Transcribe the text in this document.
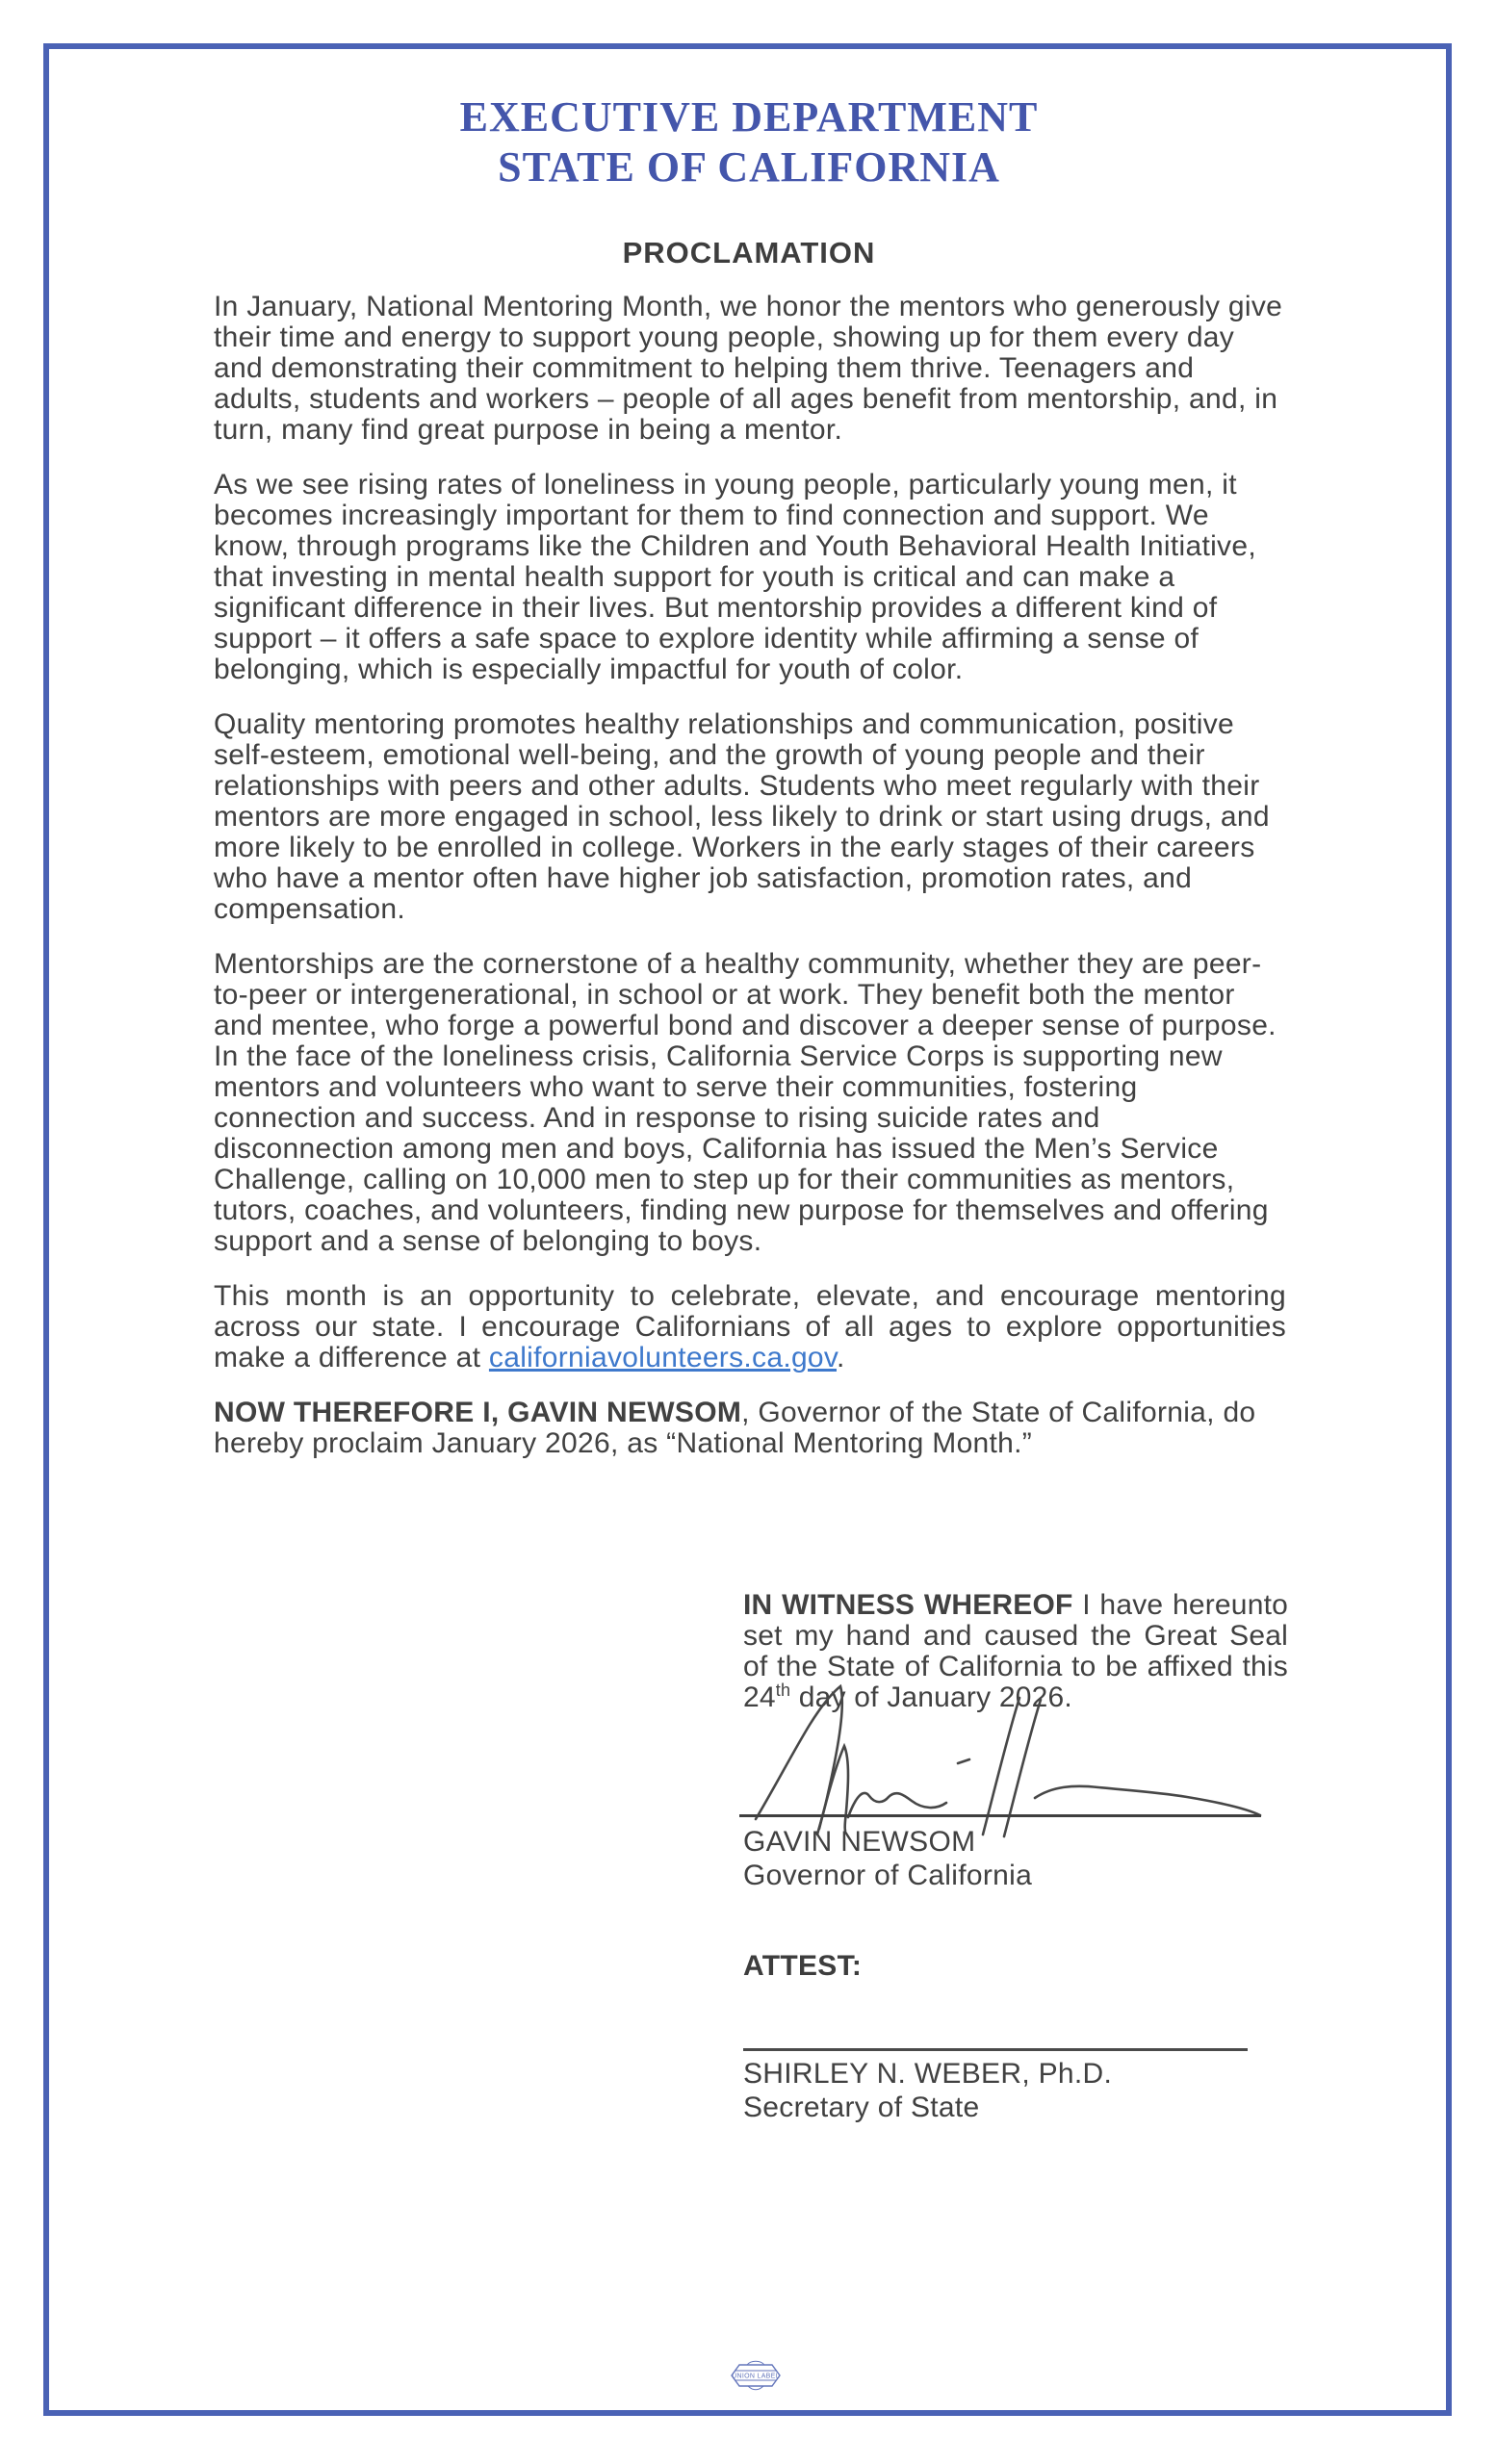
EXECUTIVE DEPARTMENT
STATE OF CALIFORNIA
PROCLAMATION

In January, National Mentoring Month, we honor the mentors who generously give their time and energy to support young people, showing up for them every day and demonstrating their commitment to helping them thrive. Teenagers and adults, students and workers – people of all ages benefit from mentorship, and, in turn, many find great purpose in being a mentor.

As we see rising rates of loneliness in young people, particularly young men, it becomes increasingly important for them to find connection and support. We know, through programs like the Children and Youth Behavioral Health Initiative, that investing in mental health support for youth is critical and can make a significant difference in their lives. But mentorship provides a different kind of support – it offers a safe space to explore identity while affirming a sense of belonging, which is especially impactful for youth of color.

Quality mentoring promotes healthy relationships and communication, positive self-esteem, emotional well-being, and the growth of young people and their relationships with peers and other adults. Students who meet regularly with their mentors are more engaged in school, less likely to drink or start using drugs, and more likely to be enrolled in college. Workers in the early stages of their careers who have a mentor often have higher job satisfaction, promotion rates, and compensation.

Mentorships are the cornerstone of a healthy community, whether they are peer-to-peer or intergenerational, in school or at work. They benefit both the mentor and mentee, who forge a powerful bond and discover a deeper sense of purpose. In the face of the loneliness crisis, California Service Corps is supporting new mentors and volunteers who want to serve their communities, fostering connection and success. And in response to rising suicide rates and disconnection among men and boys, California has issued the Men’s Service Challenge, calling on 10,000 men to step up for their communities as mentors, tutors, coaches, and volunteers, finding new purpose for themselves and offering support and a sense of belonging to boys.

This month is an opportunity to celebrate, elevate, and encourage mentoring across our state. I encourage Californians of all ages to explore opportunities make a difference at californiavolunteers.ca.gov.

NOW THEREFORE I, GAVIN NEWSOM, Governor of the State of California, do hereby proclaim January 2026, as “National Mentoring Month.”

IN WITNESS WHEREOF I have hereunto set my hand and caused the Great Seal of the State of California to be affixed this 24th day of January 2026.
GAVIN NEWSOM
Governor of California
ATTEST:
SHIRLEY N. WEBER, Ph.D.
Secretary of State
UNION LABEL
